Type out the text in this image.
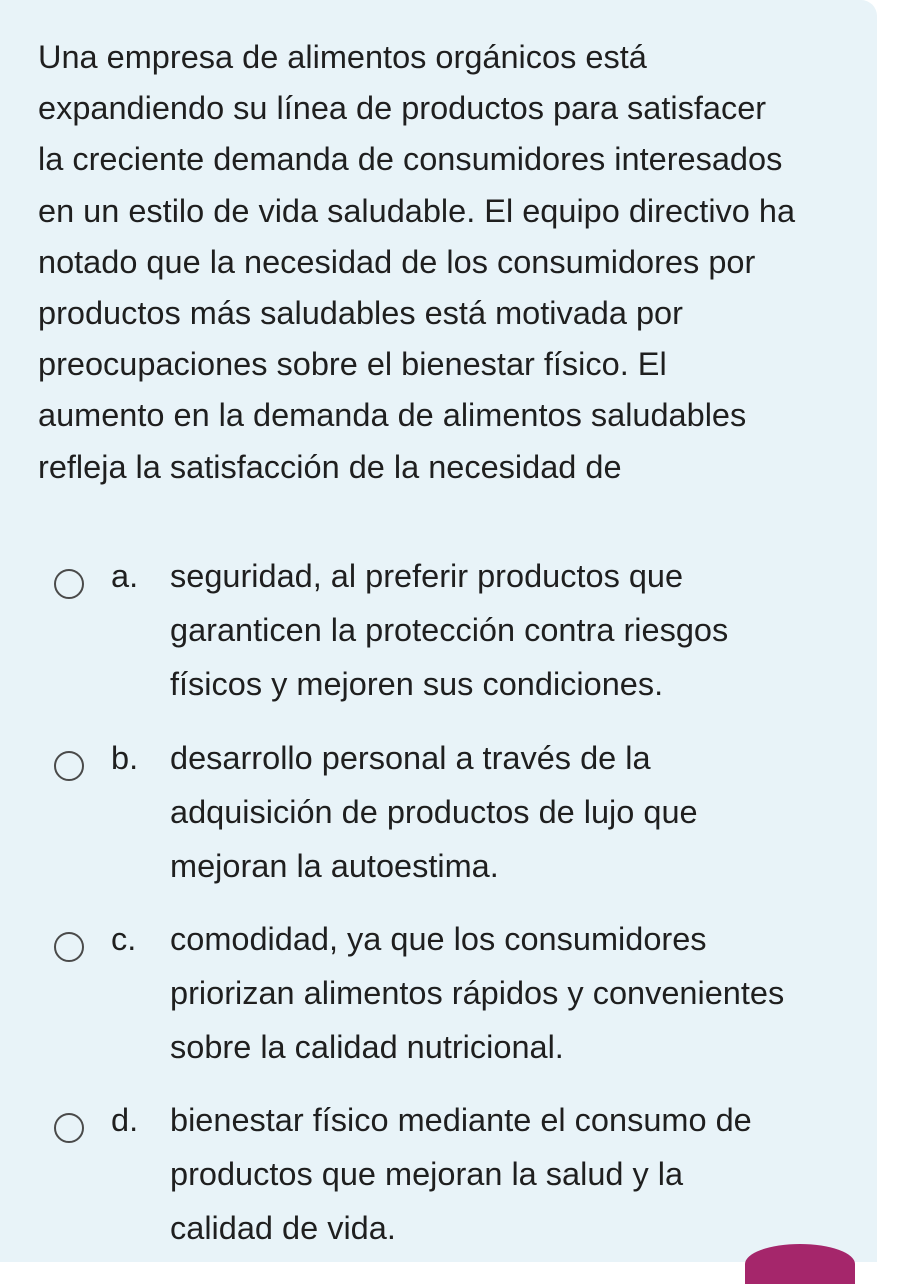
Una empresa de alimentos orgánicos está
expandiendo su línea de productos para satisfacer
la creciente demanda de consumidores interesados
en un estilo de vida saludable. El equipo directivo ha
notado que la necesidad de los consumidores por
productos más saludables está motivada por
preocupaciones sobre el bienestar físico. El
aumento en la demanda de alimentos saludables
refleja la satisfacción de la necesidad de
a. seguridad, al preferir productos que
garanticen la protección contra riesgos
físicos y mejoren sus condiciones.
b. desarrollo personal a través de la
adquisición de productos de lujo que
mejoran la autoestima.
c. comodidad, ya que los consumidores
priorizan alimentos rápidos y convenientes
sobre la calidad nutricional.
d. bienestar físico mediante el consumo de
productos que mejoran la salud y la
calidad de vida.
